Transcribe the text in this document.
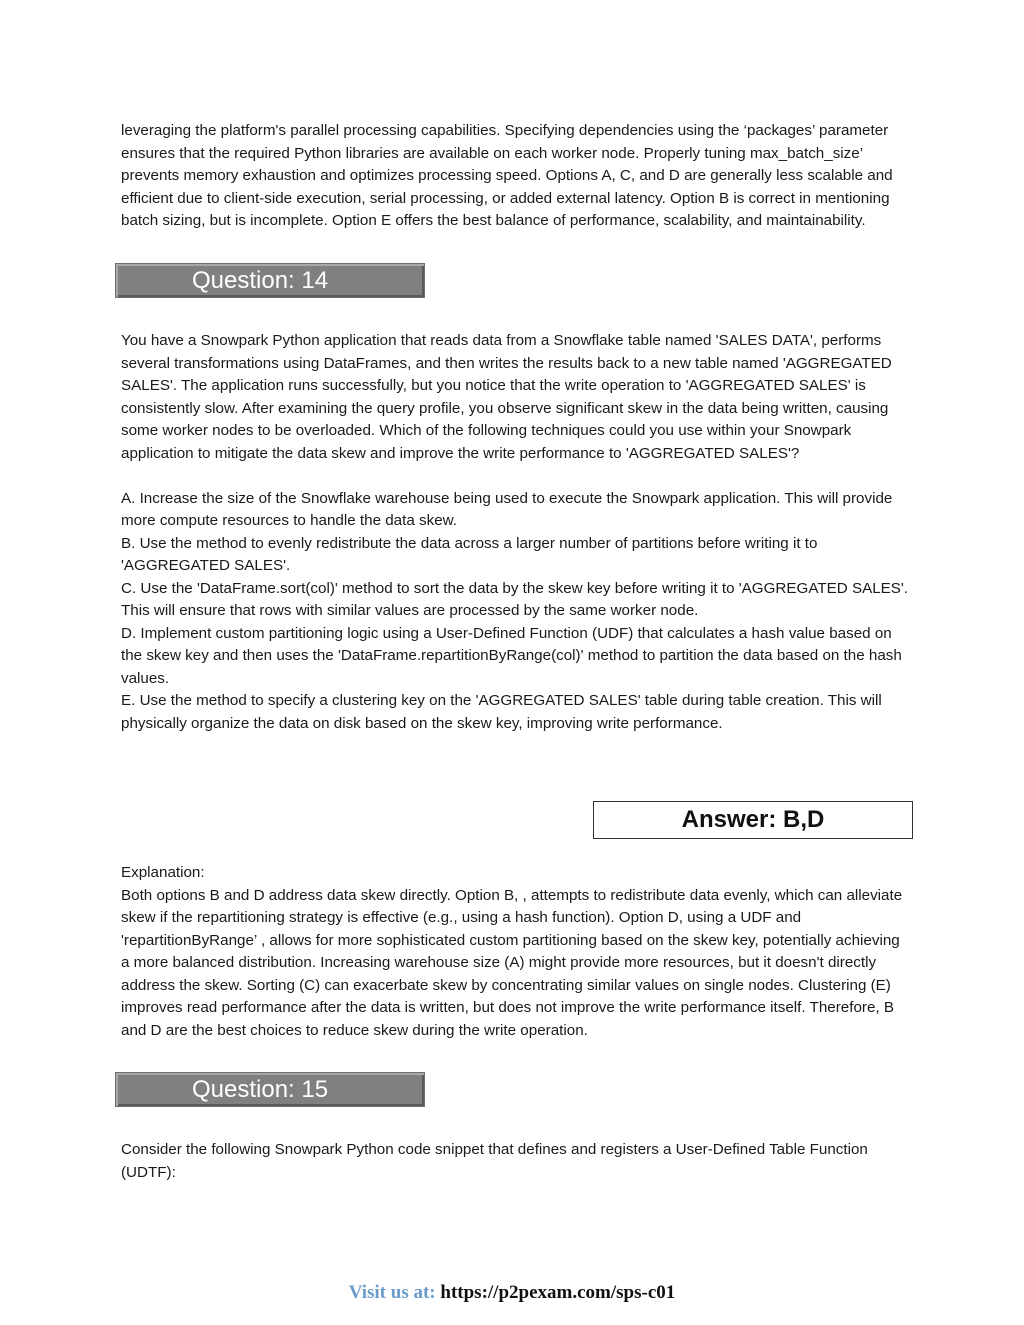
leveraging the platform's parallel processing capabilities. Specifying dependencies using the ‘packages’ parameter ensures that the required Python libraries are available on each worker node. Properly tuning max_batch_size’ prevents memory exhaustion and optimizes processing speed. Options A, C, and D are generally less scalable and efficient due to client-side execution, serial processing, or added external latency. Option B is correct in mentioning batch sizing, but is incomplete. Option E offers the best balance of performance, scalability, and maintainability.

Question: 14

You have a Snowpark Python application that reads data from a Snowflake table named 'SALES DATA', performs several transformations using DataFrames, and then writes the results back to a new table named 'AGGREGATED SALES'. The application runs successfully, but you notice that the write operation to 'AGGREGATED SALES' is consistently slow. After examining the query profile, you observe significant skew in the data being written, causing some worker nodes to be overloaded. Which of the following techniques could you use within your Snowpark application to mitigate the data skew and improve the write performance to 'AGGREGATED SALES'?

A. Increase the size of the Snowflake warehouse being used to execute the Snowpark application. This will provide more compute resources to handle the data skew.

B. Use the method to evenly redistribute the data across a larger number of partitions before writing it to 'AGGREGATED SALES'.

C. Use the 'DataFrame.sort(col)' method to sort the data by the skew key before writing it to 'AGGREGATED SALES'. This will ensure that rows with similar values are processed by the same worker node.

D. Implement custom partitioning logic using a User-Defined Function (UDF) that calculates a hash value based on the skew key and then uses the 'DataFrame.repartitionByRange(col)' method to partition the data based on the hash values.

E. Use the method to specify a clustering key on the 'AGGREGATED SALES' table during table creation. This will physically organize the data on disk based on the skew key, improving write performance.

Answer: B,D

Explanation:

Both options B and D address data skew directly. Option B, , attempts to redistribute data evenly, which can alleviate skew if the repartitioning strategy is effective (e.g., using a hash function). Option D, using a UDF and 'repartitionByRange’ , allows for more sophisticated custom partitioning based on the skew key, potentially achieving a more balanced distribution. Increasing warehouse size (A) might provide more resources, but it doesn't directly address the skew. Sorting (C) can exacerbate skew by concentrating similar values on single nodes. Clustering (E) improves read performance after the data is written, but does not improve the write performance itself. Therefore, B and D are the best choices to reduce skew during the write operation.

Question: 15

Consider the following Snowpark Python code snippet that defines and registers a User-Defined Table Function (UDTF):

Visit us at: https://p2pexam.com/sps-c01
